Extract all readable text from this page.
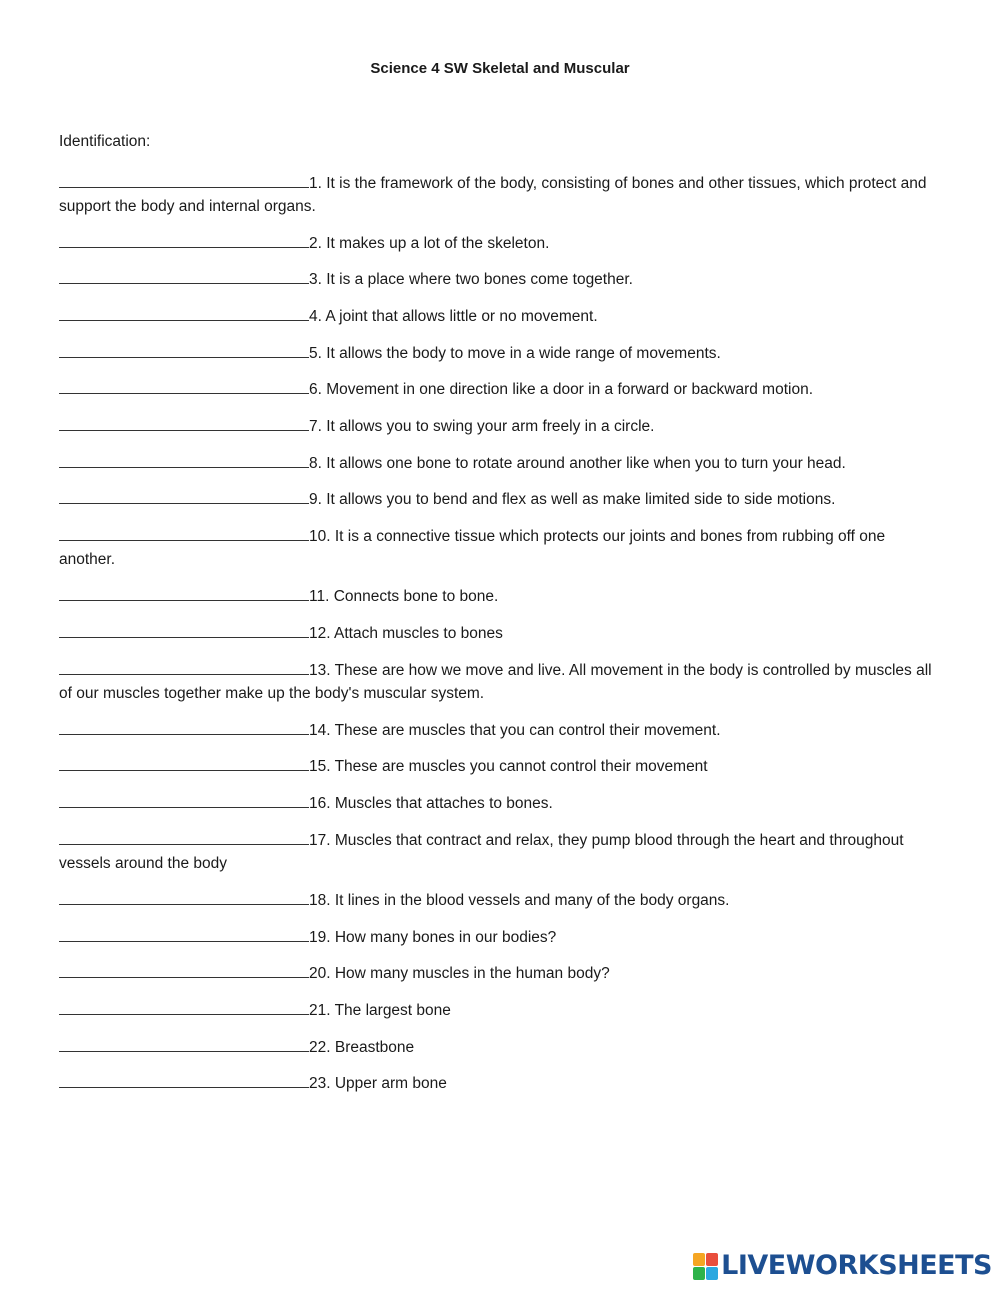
Science 4 SW Skeletal and Muscular
Identification:
1. It is the framework of the body, consisting of bones and other tissues, which protect and support the body and internal organs.
2. It makes up a lot of the skeleton.
3. It is a place where two bones come together.
4. A joint that allows little or no movement.
5. It allows the body to move in a wide range of movements.
6. Movement in one direction like a door in a forward or backward motion.
7. It allows you to swing your arm freely in a circle.
8. It allows one bone to rotate around another like when you to turn your head.
9. It allows you to bend and flex as well as make limited side to side motions.
10. It is a connective tissue which protects our joints and bones from rubbing off one another.
11. Connects bone to bone.
12. Attach muscles to bones
13. These are how we move and live. All movement in the body is controlled by muscles all of our muscles together make up the body's muscular system.
14. These are muscles that you can control their movement.
15. These are muscles you cannot control their movement
16. Muscles that attaches to bones.
17. Muscles that contract and relax, they pump blood through the heart and throughout vessels around the body
18. It lines in the blood vessels and many of the body organs.
19. How many bones in our bodies?
20. How many muscles in the human body?
21. The largest bone
22. Breastbone
23. Upper arm bone
LIVEWORKSHEETS
